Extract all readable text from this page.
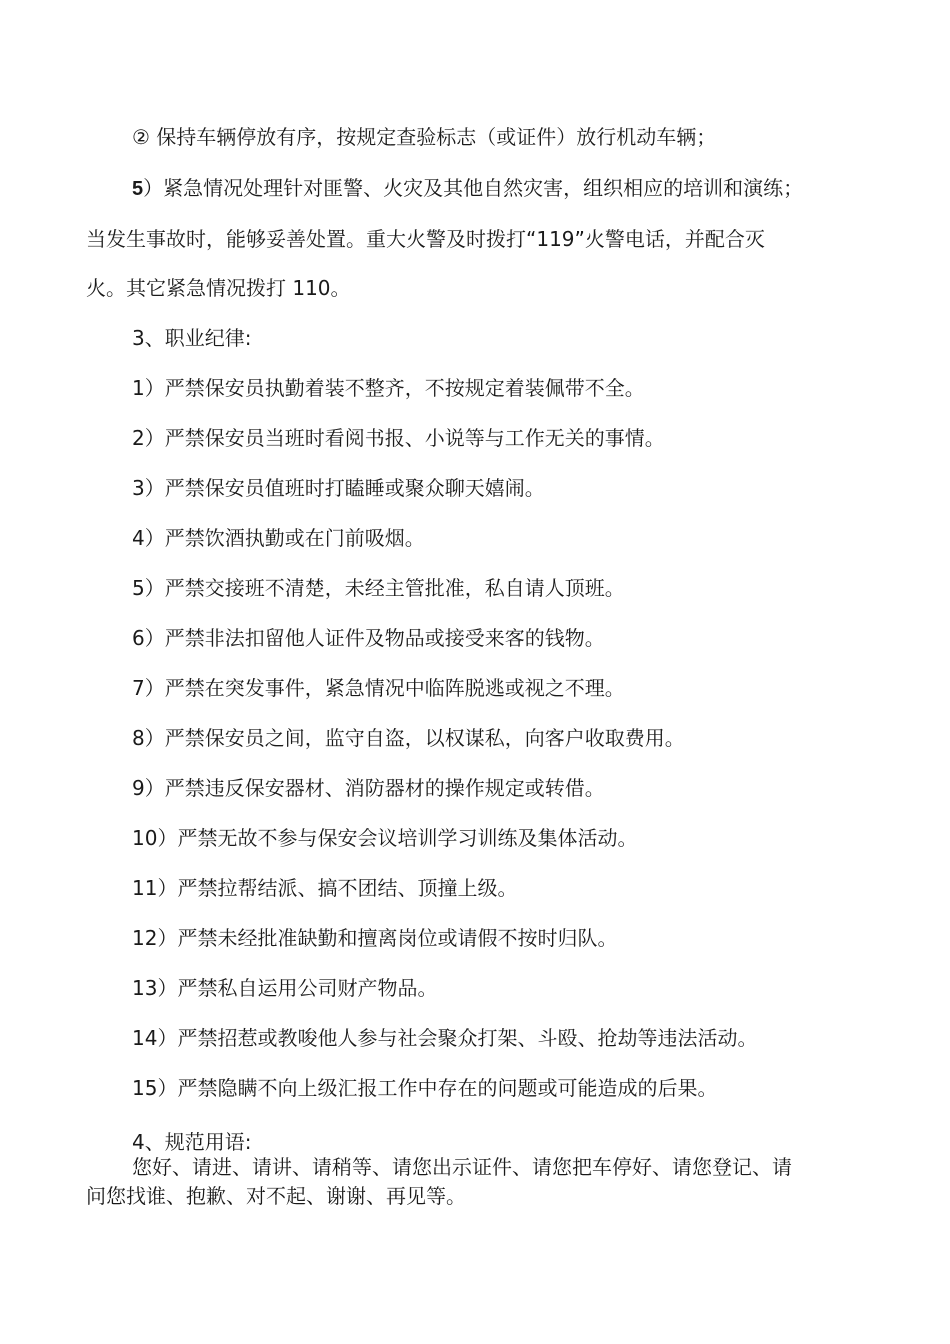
② 保持车辆停放有序，按规定查验标志（或证件）放行机动车辆；
5）紧急情况处理针对匪警、火灾及其他自然灾害，组织相应的培训和演练；
当发生事故时，能够妥善处置。重大火警及时拨打“119”火警电话，并配合灭
火。其它紧急情况拨打 110。
3、职业纪律:
1）严禁保安员执勤着装不整齐，不按规定着装佩带不全。
2）严禁保安员当班时看阅书报、小说等与工作无关的事情。
3）严禁保安员值班时打瞌睡或聚众聊天嬉闹。
4）严禁饮酒执勤或在门前吸烟。
5）严禁交接班不清楚，未经主管批准，私自请人顶班。
6）严禁非法扣留他人证件及物品或接受来客的钱物。
7）严禁在突发事件，紧急情况中临阵脱逃或视之不理。
8）严禁保安员之间，监守自盗，以权谋私，向客户收取费用。
9）严禁违反保安器材、消防器材的操作规定或转借。
10）严禁无故不参与保安会议培训学习训练及集体活动。
11）严禁拉帮结派、搞不团结、顶撞上级。
12）严禁未经批准缺勤和擅离岗位或请假不按时归队。
13）严禁私自运用公司财产物品。
14）严禁招惹或教唆他人参与社会聚众打架、斗殴、抢劫等违法活动。
15）严禁隐瞒不向上级汇报工作中存在的问题或可能造成的后果。
4、规范用语:
您好、请进、请讲、请稍等、请您出示证件、请您把车停好、请您登记、请
问您找谁、抱歉、对不起、谢谢、再见等。
